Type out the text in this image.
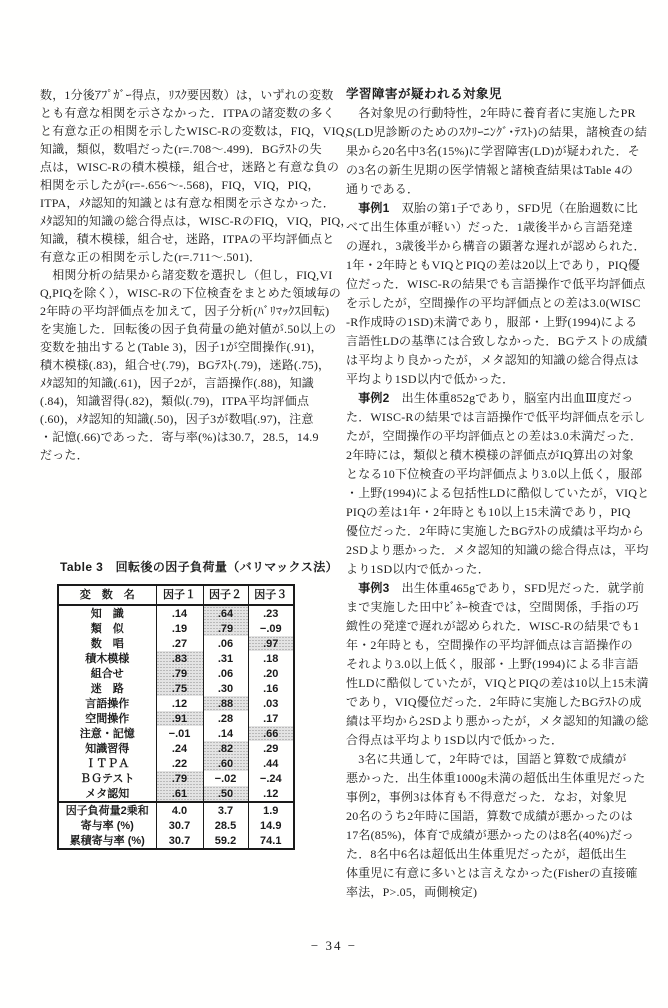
数，1分後ｱﾌﾟｶﾞｰ得点，ﾘｽｸ要因数）は，いずれの変数
とも有意な相関を示さなかった．ITPAの諸変数の多く
と有意な正の相関を示したWISC-Rの変数は，FIQ，VIQ，
知識，類似，数唱だった(r=.708〜.499)．BGﾃｽﾄの失
点は，WISC-Rの積木模様，組合せ，迷路と有意な負の
相関を示したが(r=-.656〜-.568)，FIQ，VIQ，PIQ，
ITPA，ﾒﾀ認知的知識とは有意な相関を示さなかった．
ﾒﾀ認知的知識の総合得点は，WISC-RのFIQ，VIQ，PIQ，
知識，積木模様，組合せ，迷路，ITPAの平均評価点と
有意な正の相関を示した(r=.711〜.501)．
　相関分析の結果から諸変数を選択し（但し，FIQ,VI
Q,PIQを除く），WISC-Rの下位検査をまとめた領域毎の
2年時の平均評価点を加えて，因子分析(ﾊﾞﾘﾏｯｸｽ回転)
を実施した．回転後の因子負荷量の絶対値が.50以上の
変数を抽出すると(Table 3)，因子1が空間操作(.91)，
積木模様(.83)，組合せ(.79)，BGﾃｽﾄ(.79)，迷路(.75)，
ﾒﾀ認知的知識(.61)，因子2が，言語操作(.88)，知識
(.84)，知識習得(.82)，類似(.79)，ITPA平均評価点
(.60)，ﾒﾀ認知的知識(.50)，因子3が数唱(.97)，注意
・記憶(.66)であった．寄与率(%)は30.7，28.5，14.9
だった．
Table 3　回転後の因子負荷量（バリマックス法）
変　数　名	因子１	因子２	因子３
知　識	.14	.64	.23
類　似	.19	.79	−.09
数　唱	.27	.06	.97
積木模様	.83	.31	.18
組合せ	.79	.06	.20
迷　路	.75	.30	.16
言語操作	.12	.88	.03
空間操作	.91	.28	.17
注意・記憶	−.01	.14	.66
知識習得	.24	.82	.29
ＩＴＰＡ	.22	.60	.44
ＢＧテスト	.79	−.02	−.24
メタ認知	.61	.50	.12
因子負荷量2乗和	4.0	3.7	1.9
寄与率 (%)	30.7	28.5	14.9
累積寄与率 (%)	30.7	59.2	74.1
学習障害が疑われる対象児
　各対象児の行動特性，2年時に養育者に実施したPR
S(LD児診断のためのｽｸﾘｰﾆﾝｸﾞ･ﾃｽﾄ)の結果，諸検査の結
果から20名中3名(15%)に学習障害(LD)が疑われた．そ
の3名の新生児期の医学情報と諸検査結果はTable 4の
通りである．
　事例1　双胎の第1子であり，SFD児（在胎週数に比
べて出生体重が軽い）だった．1歳後半から言語発達
の遅れ，3歳後半から構音の顕著な遅れが認められた．
1年・2年時ともVIQとPIQの差は20以上であり，PIQ優
位だった．WISC-Rの結果でも言語操作で低平均評価点
を示したが，空間操作の平均評価点との差は3.0(WISC
-R作成時の1SD)未満であり，服部・上野(1994)による
言語性LDの基準には合致しなかった．BGテストの成績
は平均より良かったが，メタ認知的知識の総合得点は
平均より1SD以内で低かった．
　事例2　出生体重852gであり，脳室内出血Ⅲ度だっ
た．WISC-Rの結果では言語操作で低平均評価点を示し
たが，空間操作の平均評価点との差は3.0未満だった．
2年時には，類似と積木模様の評価点がIQ算出の対象
となる10下位検査の平均評価点より3.0以上低く，服部
・上野(1994)による包括性LDに酷似していたが，VIQと
PIQの差は1年・2年時とも10以上15未満であり，PIQ
優位だった．2年時に実施したBGﾃｽﾄの成績は平均から
2SDより悪かった．メタ認知的知識の総合得点は，平均
より1SD以内で低かった．
　事例3　出生体重465gであり，SFD児だった．就学前
まで実施した田中ﾋﾞﾈｰ検査では，空間関係，手指の巧
緻性の発達で遅れが認められた．WISC-Rの結果でも1
年・2年時とも，空間操作の平均評価点は言語操作の
それより3.0以上低く，服部・上野(1994)による非言語
性LDに酷似していたが，VIQとPIQの差は10以上15未満
であり，VIQ優位だった．2年時に実施したBGﾃｽﾄの成
績は平均から2SDより悪かったが，メタ認知的知識の総
合得点は平均より1SD以内で低かった．
　3名に共通して，2年時では，国語と算数で成績が
悪かった．出生体重1000g未満の超低出生体重児だった
事例2，事例3は体育も不得意だった．なお，対象児
20名のうち2年時に国語，算数で成績が悪かったのは
17名(85%)，体育で成績が悪かったのは8名(40%)だっ
た．8名中6名は超低出生体重児だったが，超低出生
体重児に有意に多いとは言えなかった(Fisherの直接確
率法，P>.05，両側検定)
− 34 −
